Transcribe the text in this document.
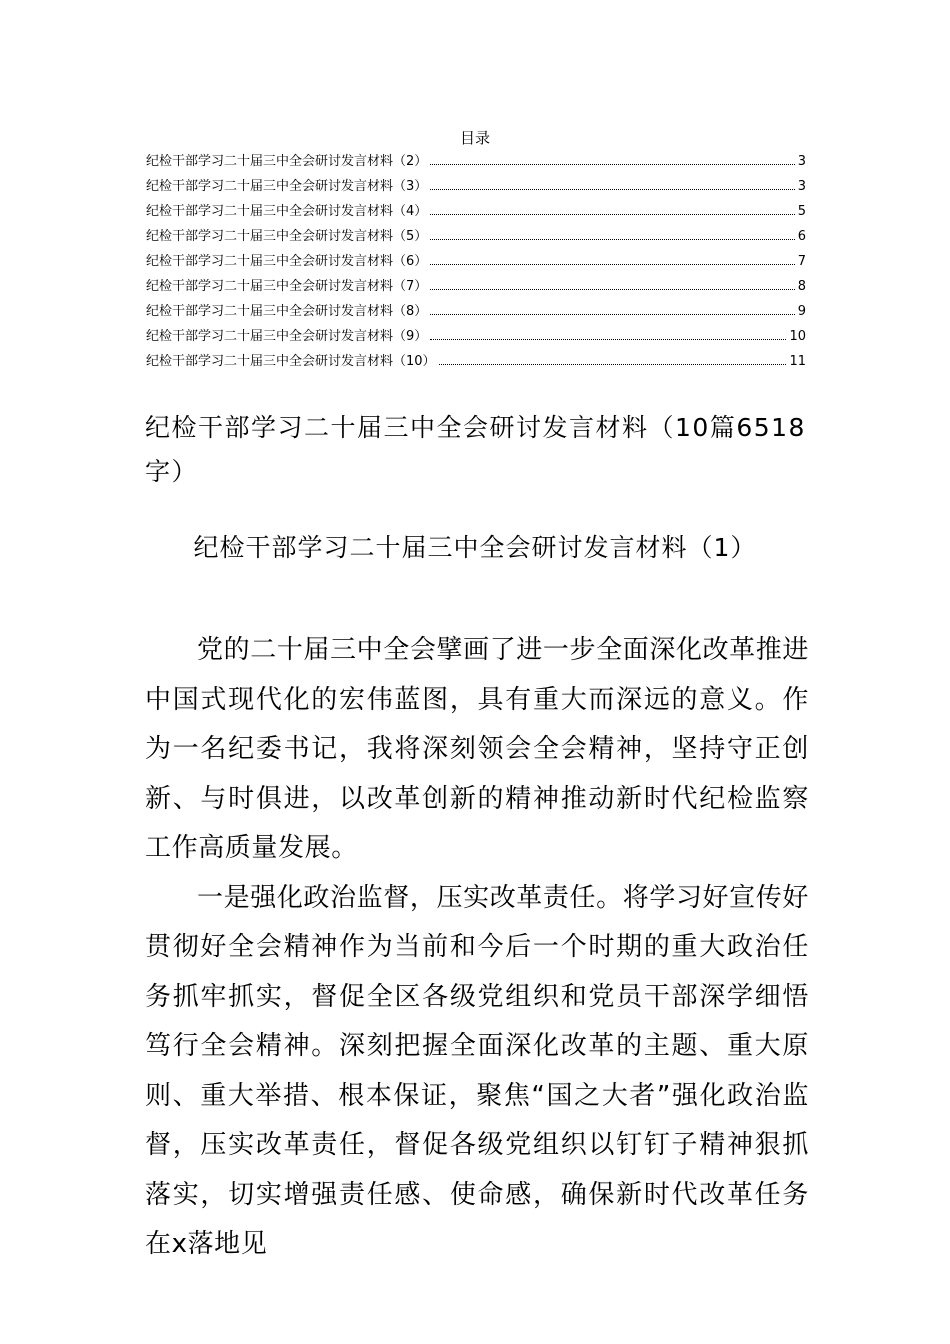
目录
纪检干部学习二十届三中全会研讨发言材料（2）	3
纪检干部学习二十届三中全会研讨发言材料（3）	3
纪检干部学习二十届三中全会研讨发言材料（4）	5
纪检干部学习二十届三中全会研讨发言材料（5）	6
纪检干部学习二十届三中全会研讨发言材料（6）	7
纪检干部学习二十届三中全会研讨发言材料（7）	8
纪检干部学习二十届三中全会研讨发言材料（8）	9
纪检干部学习二十届三中全会研讨发言材料（9）	10
纪检干部学习二十届三中全会研讨发言材料（10）	11
纪检干部学习二十届三中全会研讨发言材料（10篇6518字）
纪检干部学习二十届三中全会研讨发言材料（1）

党的二十届三中全会擘画了进一步全面深化改革推进中国式现代化的宏伟蓝图，具有重大而深远的意义。作为一名纪委书记，我将深刻领会全会精神，坚持守正创新、与时俱进，以改革创新的精神推动新时代纪检监察工作高质量发展。

一是强化政治监督，压实改革责任。将学习好宣传好贯彻好全会精神作为当前和今后一个时期的重大政治任务抓牢抓实，督促全区各级党组织和党员干部深学细悟笃行全会精神。深刻把握全面深化改革的主题、重大原则、重大举措、根本保证，聚焦“国之大者”强化政治监督，压实改革责任，督促各级党组织以钉钉子精神狠抓落实，切实增强责任感、使命感，确保新时代改革任务在x落地见
